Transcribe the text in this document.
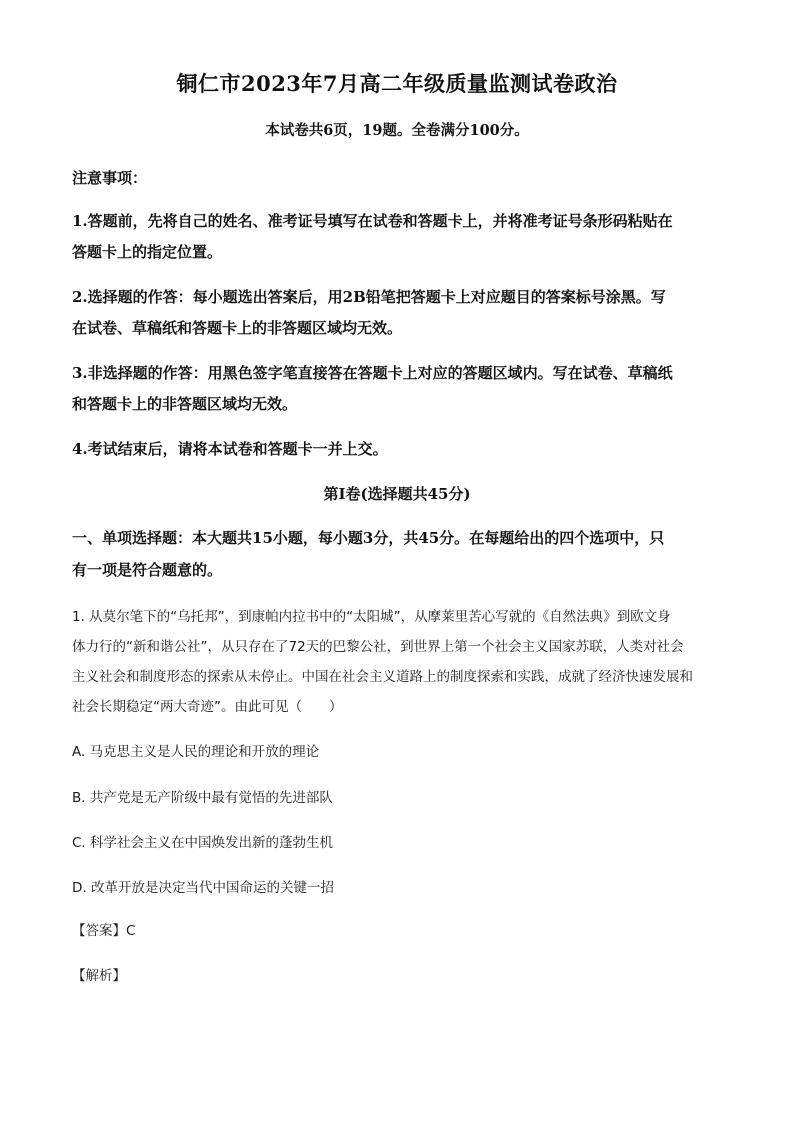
铜仁市2023年7月高二年级质量监测试卷政治
本试卷共6页，19题。全卷满分100分。
注意事项：
1.答题前，先将自己的姓名、准考证号填写在试卷和答题卡上，并将准考证号条形码粘贴在
答题卡上的指定位置。
2.选择题的作答：每小题选出答案后，用2B铅笔把答题卡上对应题目的答案标号涂黑。写
在试卷、草稿纸和答题卡上的非答题区域均无效。
3.非选择题的作答：用黑色签字笔直接答在答题卡上对应的答题区域内。写在试卷、草稿纸
和答题卡上的非答题区域均无效。
4.考试结束后，请将本试卷和答题卡一并上交。
第Ⅰ卷(选择题共45分)
一、单项选择题：本大题共15小题，每小题3分，共45分。在每题给出的四个选项中，只
有一项是符合题意的。
1. 从莫尔笔下的“乌托邦”，到康帕内拉书中的“太阳城”，从摩莱里苦心写就的《自然法典》到欧文身
体力行的“新和谐公社”，从只存在了72天的巴黎公社，到世界上第一个社会主义国家苏联，人类对社会
主义社会和制度形态的探索从未停止。中国在社会主义道路上的制度探索和实践，成就了经济快速发展和
社会长期稳定“两大奇迹”。由此可见（　　）
A. 马克思主义是人民的理论和开放的理论
B. 共产党是无产阶级中最有觉悟的先进部队
C. 科学社会主义在中国焕发出新的蓬勃生机
D. 改革开放是决定当代中国命运的关键一招
【答案】C
【解析】
